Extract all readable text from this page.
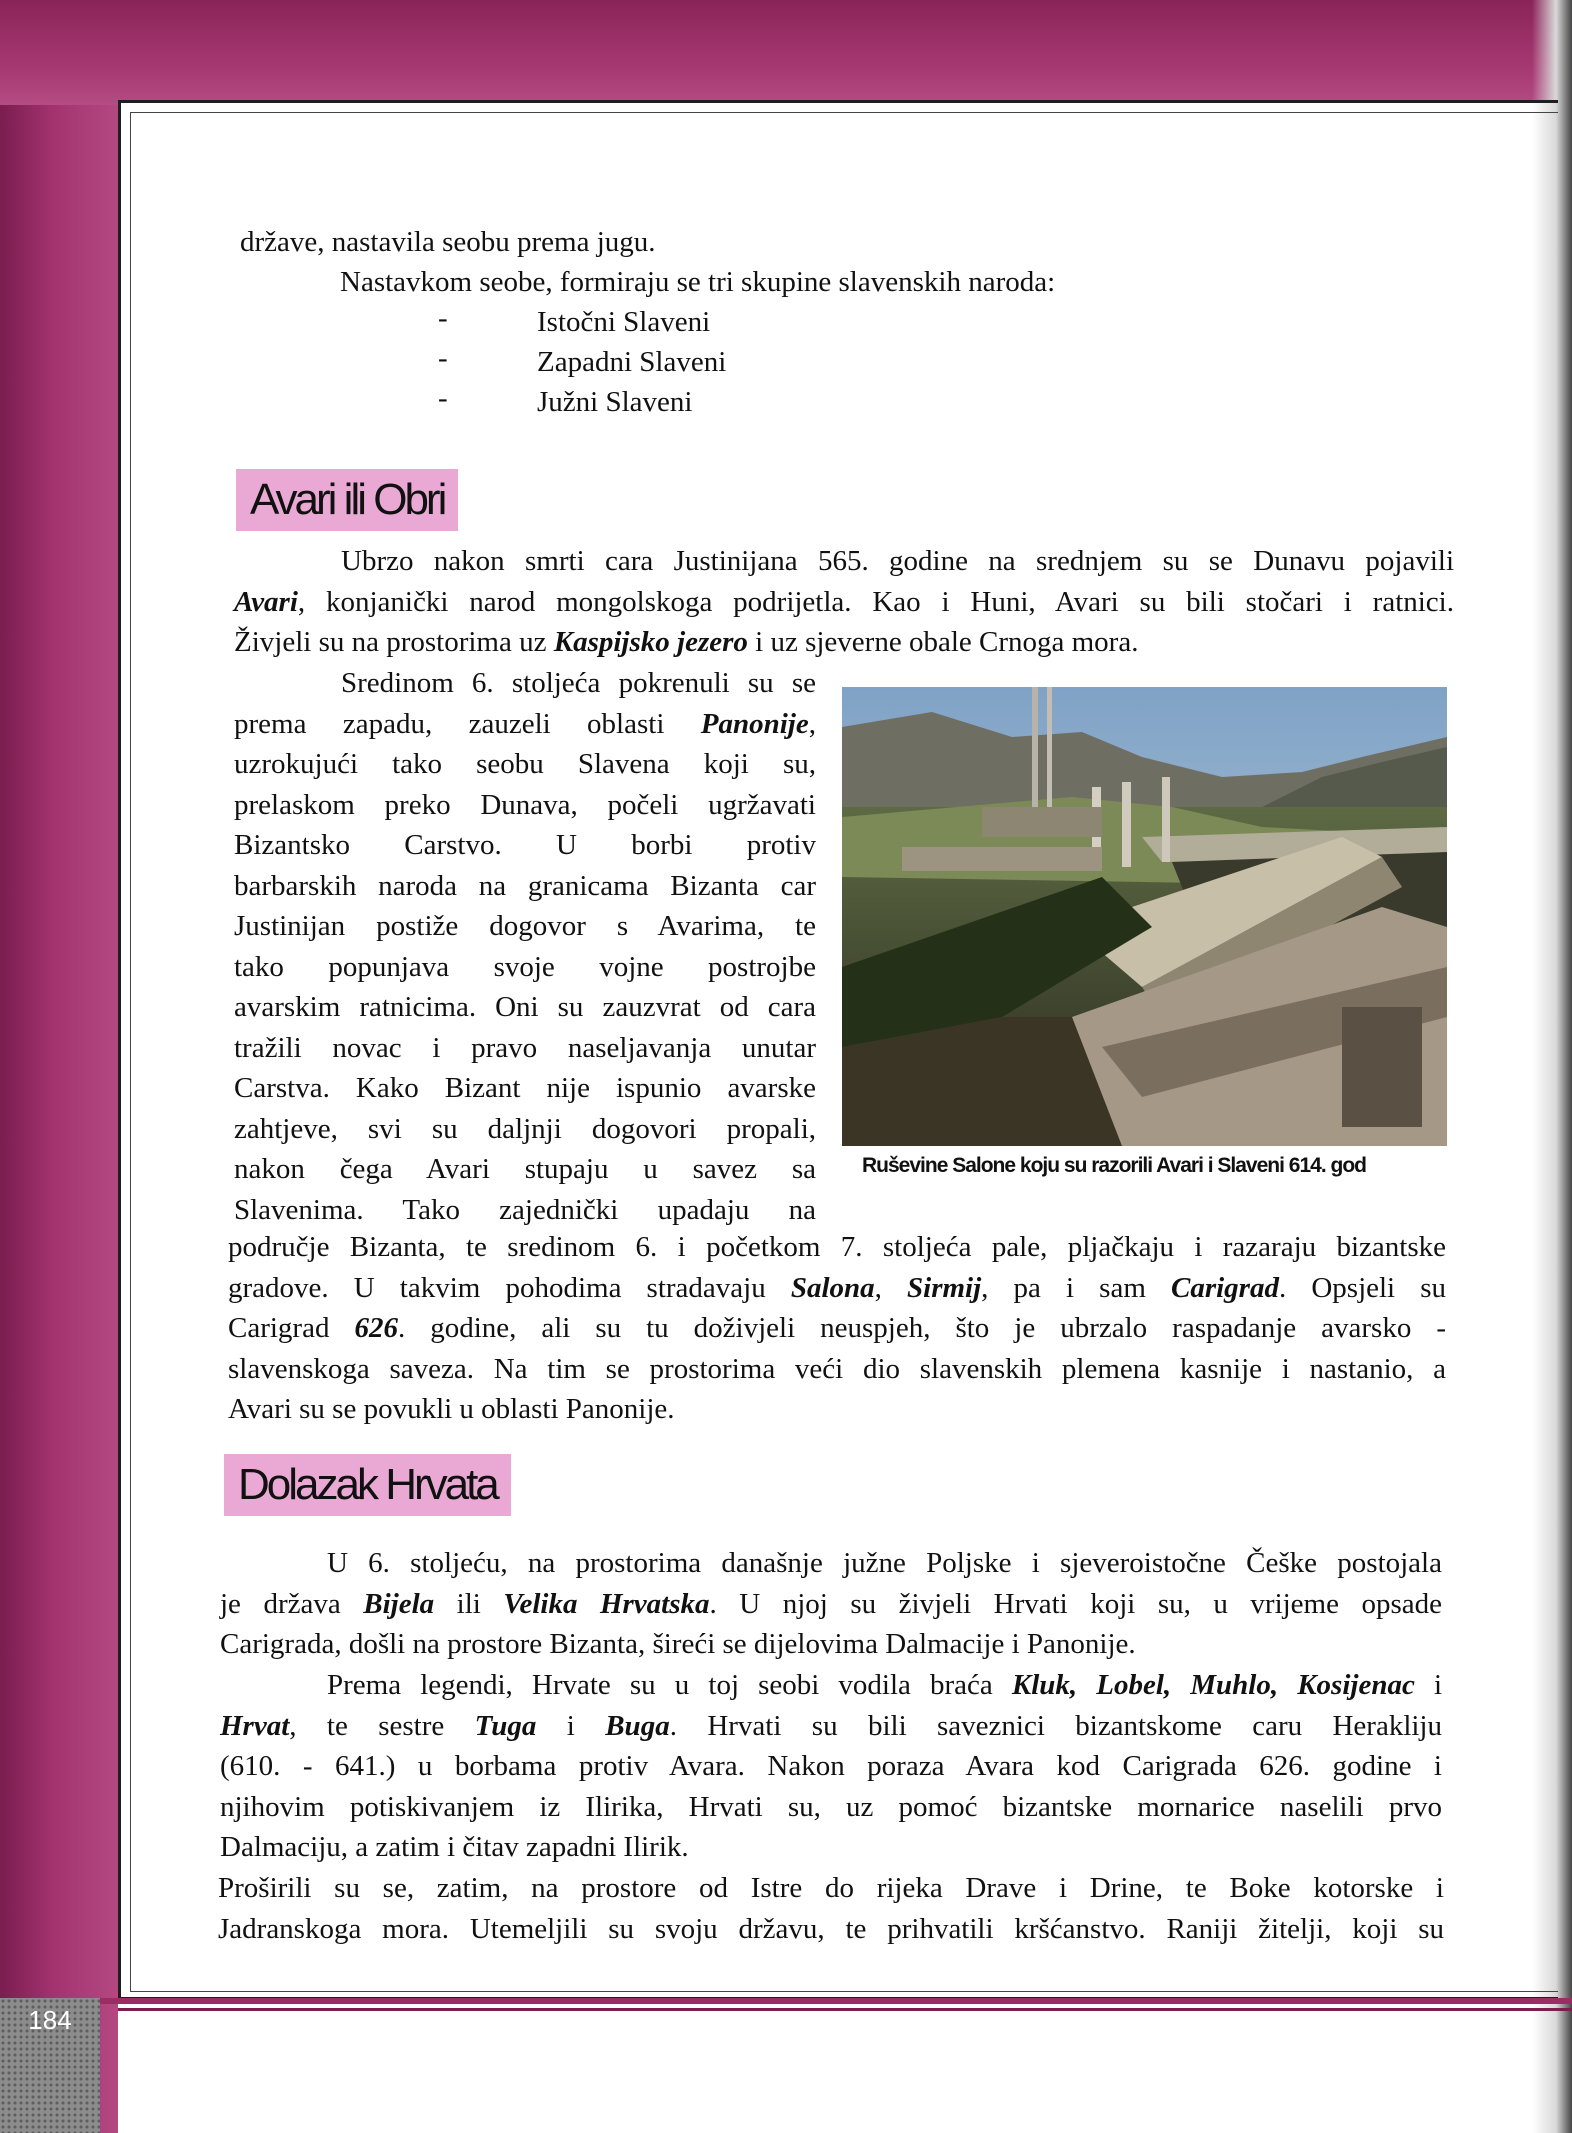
države, nastavila seobu prema jugu.
Nastavkom seobe, formiraju se tri skupine slavenskih naroda:
-	Istočni Slaveni
-	Zapadni Slaveni
-	Južni Slaveni
Avari ili Obri
Ubrzo nakon smrti cara Justinijana 565. godine na srednjem su se Dunavu pojavili
Avari, konjanički narod mongolskoga podrijetla. Kao i Huni, Avari su bili stočari i ratnici.
Živjeli su na prostorima uz Kaspijsko jezero i uz sjeverne obale Crnoga mora.
Sredinom 6. stoljeća pokrenuli su se
prema zapadu, zauzeli oblasti Panonije,
uzrokujući tako seobu Slavena koji su,
prelaskom preko Dunava, počeli ugržavati
Bizantsko Carstvo. U borbi protiv
barbarskih naroda na granicama Bizanta car
Justinijan postiže dogovor s Avarima, te
tako popunjava svoje vojne postrojbe
avarskim ratnicima. Oni su zauzvrat od cara
tražili novac i pravo naseljavanja unutar
Carstva. Kako Bizant nije ispunio avarske
zahtjeve, svi su daljnji dogovori propali,
nakon čega Avari stupaju u savez sa
Slavenima. Tako zajednički upadaju na
Ruševine Salone koju su razorili Avari i Slaveni 614. god
područje Bizanta, te sredinom 6. i početkom 7. stoljeća pale, pljačkaju i razaraju bizantske
gradove. U takvim pohodima stradavaju Salona, Sirmij, pa i sam Carigrad. Opsjeli su
Carigrad 626. godine, ali su tu doživjeli neuspjeh, što je ubrzalo raspadanje avarsko -
slavenskoga saveza. Na tim se prostorima veći dio slavenskih plemena kasnije i nastanio, a
Avari su se povukli u oblasti Panonije.
Dolazak Hrvata
U 6. stoljeću, na prostorima današnje južne Poljske i sjeveroistočne Češke postojala
je država Bijela ili Velika Hrvatska. U njoj su živjeli Hrvati koji su, u vrijeme opsade
Carigrada, došli na prostore Bizanta, šireći se dijelovima Dalmacije i Panonije.
Prema legendi, Hrvate su u toj seobi vodila braća Kluk, Lobel, Muhlo, Kosijenac i
Hrvat, te sestre Tuga i Buga. Hrvati su bili saveznici bizantskome caru Herakliju
(610. - 641.) u borbama protiv Avara. Nakon poraza Avara kod Carigrada 626. godine i
njihovim potiskivanjem iz Ilirika, Hrvati su, uz pomoć bizantske mornarice naselili prvo
Dalmaciju, a zatim i čitav zapadni Ilirik.
Proširili su se, zatim, na prostore od Istre do rijeka Drave i Drine, te Boke kotorske i
Jadranskoga mora. Utemeljili su svoju državu, te prihvatili kršćanstvo. Raniji žitelji, koji su
184
